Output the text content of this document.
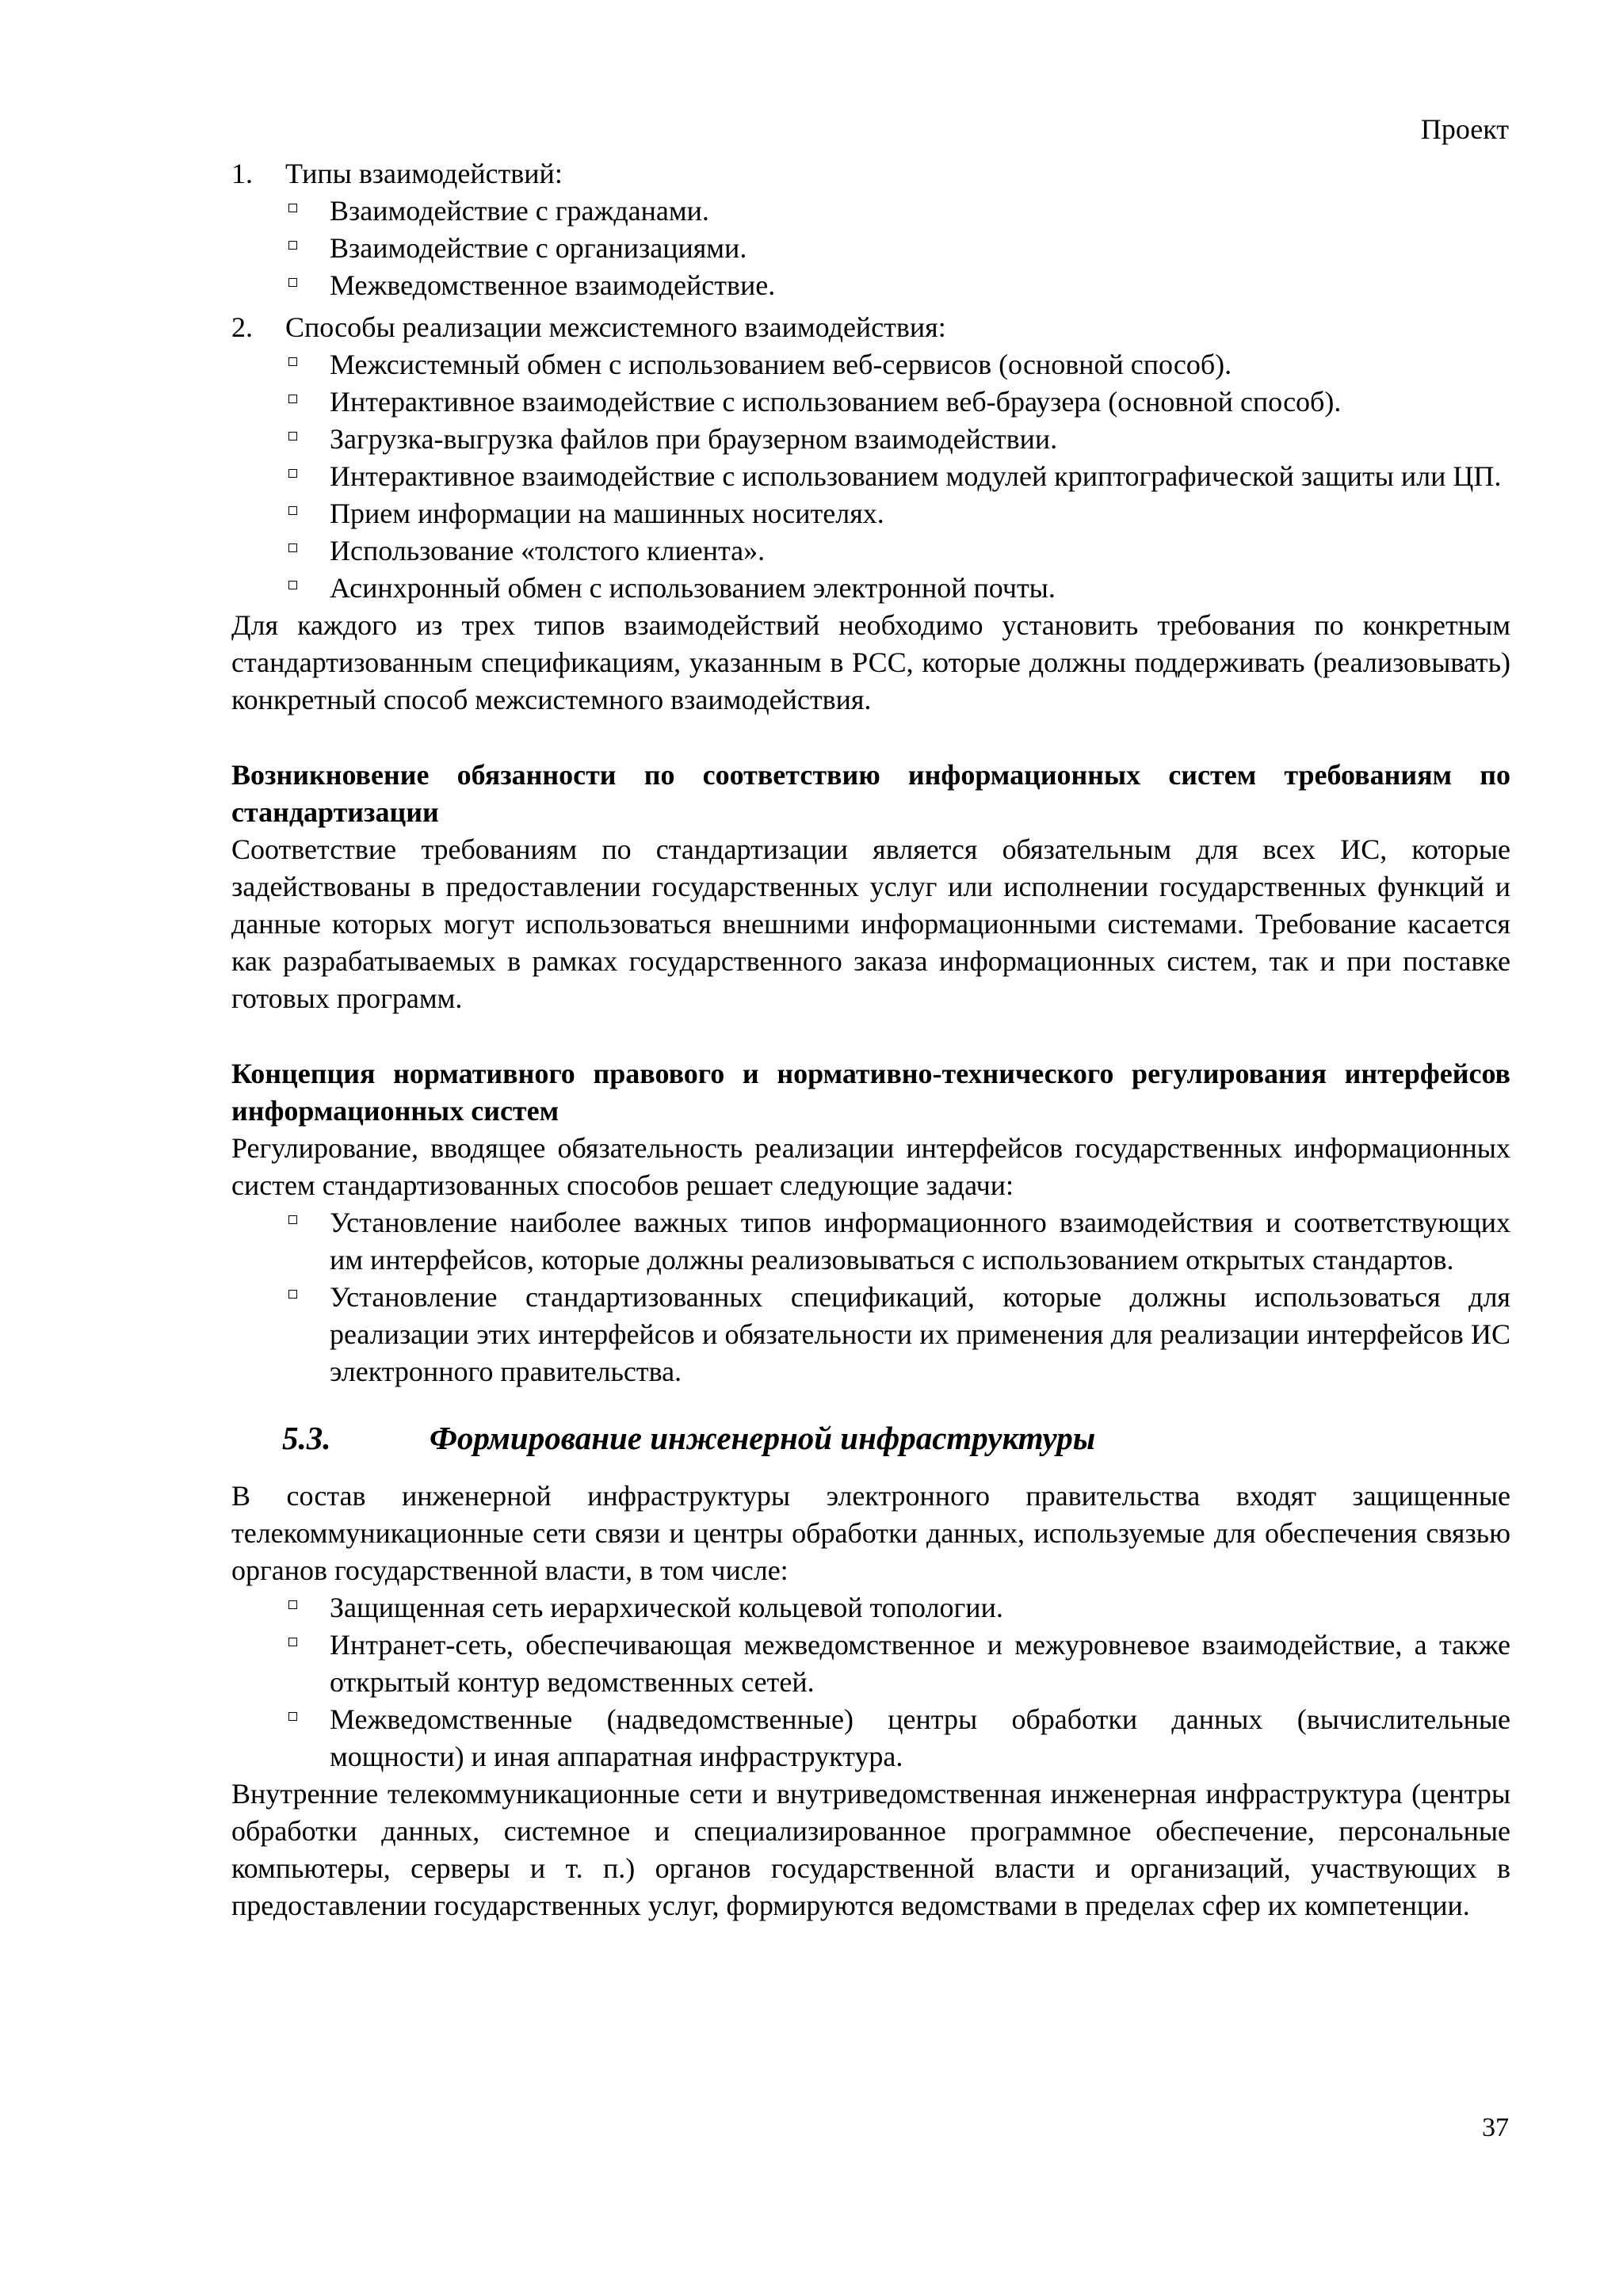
Проект
1.	Типы взаимодействий:
Взаимодействие с гражданами.
Взаимодействие с организациями.
Межведомственное взаимодействие.
2.	Способы реализации межсистемного взаимодействия:
Межсистемный обмен с использованием веб-сервисов (основной способ).
Интерактивное взаимодействие с использованием веб-браузера (основной способ).
Загрузка-выгрузка файлов при браузерном взаимодействии.
Интерактивное взаимодействие с использованием модулей криптографической защиты или ЦП.
Прием информации на машинных носителях.
Использование «толстого клиента».
Асинхронный обмен с использованием электронной почты.

Для каждого из трех типов взаимодействий необходимо установить требования по конкретным стандартизованным спецификациям, указанным в РСС, которые должны поддерживать (реализовывать) конкретный способ межсистемного взаимодействия.

Возникновение обязанности по соответствию информационных систем требованиям по стандартизации

Соответствие требованиям по стандартизации является обязательным для всех ИС, которые задействованы в предоставлении государственных услуг или исполнении государственных функций и данные которых могут использоваться внешними информационными системами. Требование касается как разрабатываемых в рамках государственного заказа информационных систем, так и при поставке готовых программ.

Концепция нормативного правового и нормативно-технического регулирования интерфейсов информационных систем

Регулирование, вводящее обязательность реализации интерфейсов государственных информационных систем стандартизованных способов решает следующие задачи:

Установление наиболее важных типов информационного взаимодействия и соответствующих им интерфейсов, которые должны реализовываться с использованием открытых стандартов.
Установление стандартизованных спецификаций, которые должны использоваться для реализации этих интерфейсов и обязательности их применения для реализации интерфейсов ИС электронного правительства.
5.3.	Формирование инженерной инфраструктуры

В состав инженерной инфраструктуры электронного правительства входят защищенные телекоммуникационные сети связи и центры обработки данных, используемые для обеспечения связью органов государственной власти, в том числе:

Защищенная сеть иерархической кольцевой топологии.
Интранет-сеть, обеспечивающая межведомственное и межуровневое взаимодействие, а также открытый контур ведомственных сетей.
Межведомственные (надведомственные) центры обработки данных (вычислительные мощности) и иная аппаратная инфраструктура.

Внутренние телекоммуникационные сети и внутриведомственная инженерная инфраструктура (центры обработки данных, системное и специализированное программное обеспечение, персональные компьютеры, серверы и т. п.) органов государственной власти и организаций, участвующих в предоставлении государственных услуг, формируются ведомствами в пределах сфер их компетенции.

37
